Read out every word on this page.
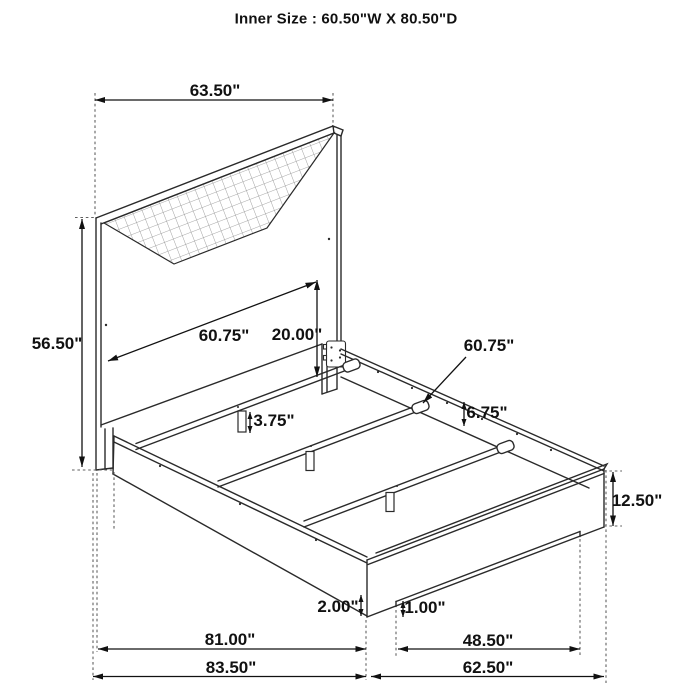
Inner Size : 60.50"W X 80.50"D
63.50"
56.50"	60.75" 20.00"
3.75"
60.75"
6.75"
12.50"
2.00"	1.00"
81.00"	48.50"
83.50"	62.50"
